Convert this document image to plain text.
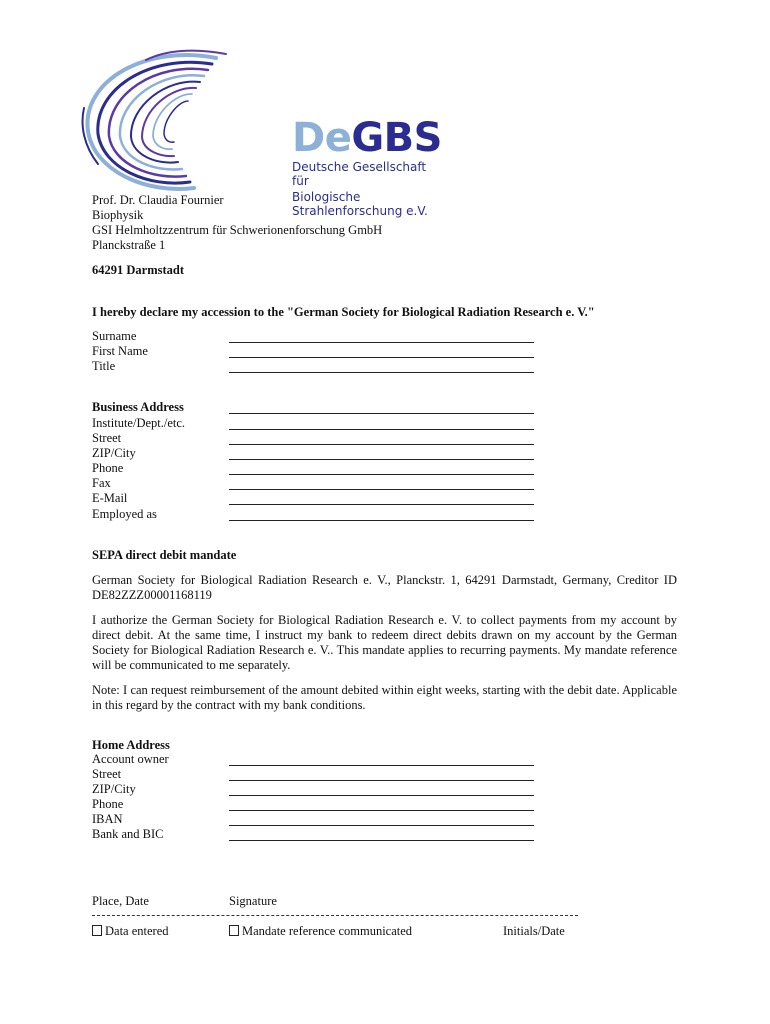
DeGBS
Deutsche Gesellschaft für
Biologische Strahlenforschung e.V.
Prof. Dr. Claudia Fournier
Biophysik
GSI Helmholtzzentrum für Schwerionenforschung GmbH
Planckstraße 1
64291 Darmstadt
I hereby declare my accession to the "German Society for Biological Radiation Research e. V."
Surname
First Name
Title
Business Address
Institute/Dept./etc.
Street
ZIP/City
Phone
Fax
E-Mail
Employed as
SEPA direct debit mandate
German Society for Biological Radiation Research e. V., Planckstr. 1, 64291 Darmstadt, Germany, Creditor ID DE82ZZZ00001168119
I authorize the German Society for Biological Radiation Research e. V. to collect payments from my account by direct debit. At the same time, I instruct my bank to redeem direct debits drawn on my account by the German Society for Biological Radiation Research e. V.. This mandate applies to recurring payments. My mandate reference will be communicated to me separately.
Note: I can request reimbursement of the amount debited within eight weeks, starting with the debit date. Applicable in this regard by the contract with my bank conditions.
Home Address
Account owner
Street
ZIP/City
Phone
IBAN
Bank and BIC
Place, Date	Signature
Data entered	Mandate reference communicated	Initials/Date
